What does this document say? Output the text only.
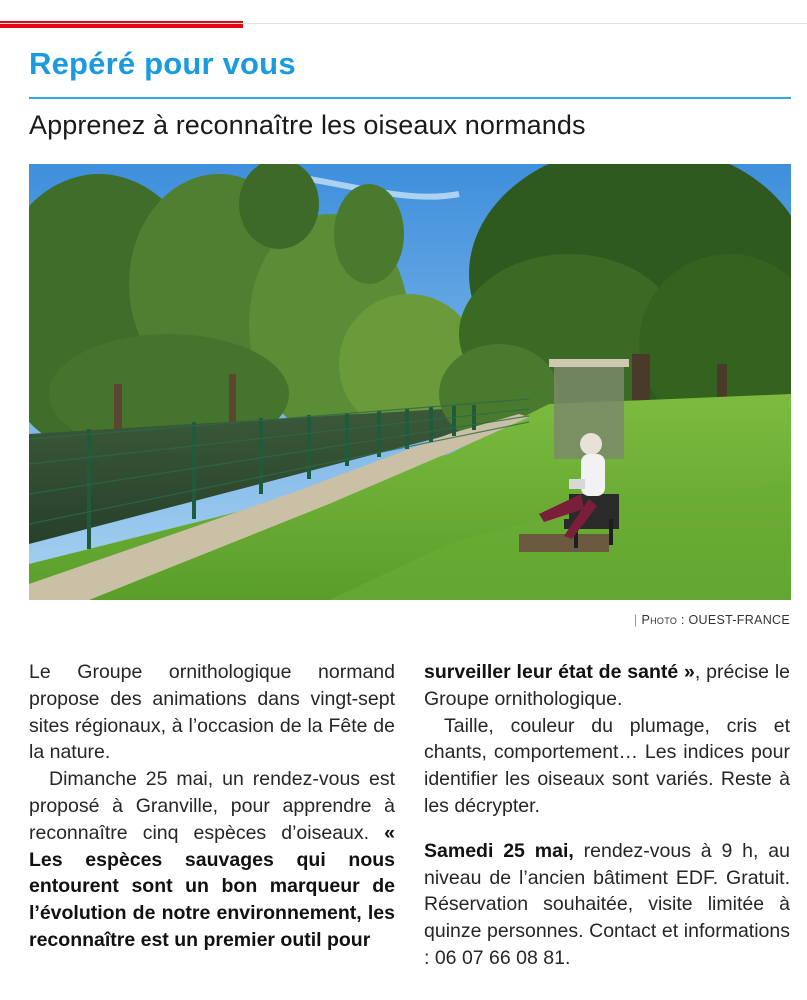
Repéré pour vous
Apprenez à reconnaître les oiseaux normands
| Photo : OUEST-FRANCE

Le Groupe ornithologique normand propose des animations dans vingt-sept sites régionaux, à l’occasion de la Fête de la nature.

Dimanche 25 mai, un rendez-vous est proposé à Granville, pour apprendre à reconnaître cinq espèces d’oiseaux. « Les espèces sauvages qui nous entourent sont un bon marqueur de l’évolution de notre environnement, les reconnaître est un premier outil pour

surveiller leur état de santé », précise le Groupe ornithologique.

Taille, couleur du plumage, cris et chants, comportement… Les indices pour identifier les oiseaux sont variés. Reste à les décrypter.

Samedi 25 mai, rendez-vous à 9 h, au niveau de l’ancien bâtiment EDF. Gratuit. Réservation souhaitée, visite limitée à quinze personnes. Contact et informations : 06 07 66 08 81.
